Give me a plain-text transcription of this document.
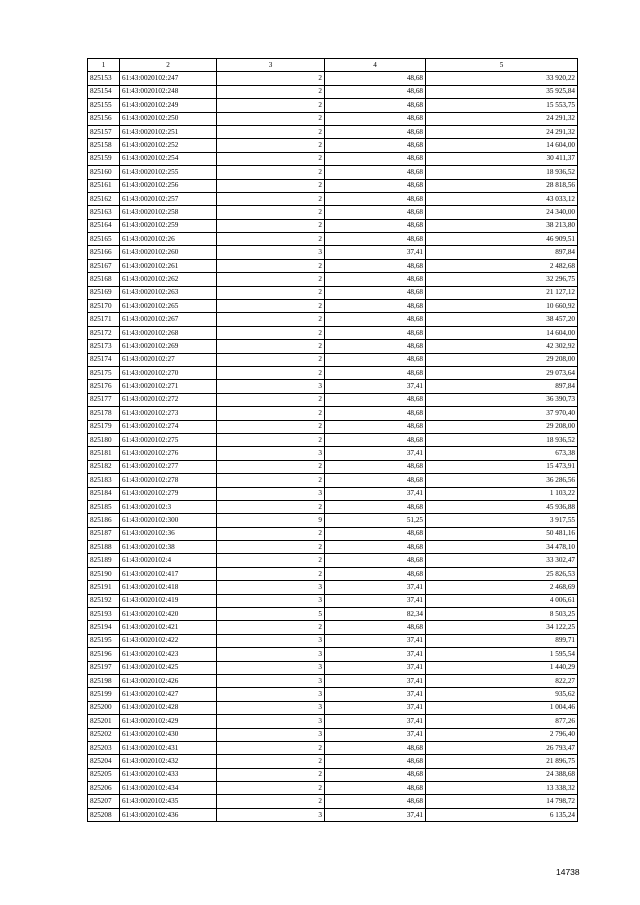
1	2	3	4	5
825153	61:43:0020102:247	2	48,68	33 920,22
825154	61:43:0020102:248	2	48,68	35 925,84
825155	61:43:0020102:249	2	48,68	15 553,75
825156	61:43:0020102:250	2	48,68	24 291,32
825157	61:43:0020102:251	2	48,68	24 291,32
825158	61:43:0020102:252	2	48,68	14 604,00
825159	61:43:0020102:254	2	48,68	30 411,37
825160	61:43:0020102:255	2	48,68	18 936,52
825161	61:43:0020102:256	2	48,68	28 818,56
825162	61:43:0020102:257	2	48,68	43 033,12
825163	61:43:0020102:258	2	48,68	24 340,00
825164	61:43:0020102:259	2	48,68	38 213,80
825165	61:43:0020102:26	2	48,68	46 909,51
825166	61:43:0020102:260	3	37,41	897,84
825167	61:43:0020102:261	2	48,68	2 482,68
825168	61:43:0020102:262	2	48,68	32 296,75
825169	61:43:0020102:263	2	48,68	21 127,12
825170	61:43:0020102:265	2	48,68	10 660,92
825171	61:43:0020102:267	2	48,68	38 457,20
825172	61:43:0020102:268	2	48,68	14 604,00
825173	61:43:0020102:269	2	48,68	42 302,92
825174	61:43:0020102:27	2	48,68	29 208,00
825175	61:43:0020102:270	2	48,68	29 073,64
825176	61:43:0020102:271	3	37,41	897,84
825177	61:43:0020102:272	2	48,68	36 390,73
825178	61:43:0020102:273	2	48,68	37 970,40
825179	61:43:0020102:274	2	48,68	29 208,00
825180	61:43:0020102:275	2	48,68	18 936,52
825181	61:43:0020102:276	3	37,41	673,38
825182	61:43:0020102:277	2	48,68	15 473,91
825183	61:43:0020102:278	2	48,68	36 286,56
825184	61:43:0020102:279	3	37,41	1 103,22
825185	61:43:0020102:3	2	48,68	45 936,88
825186	61:43:0020102:300	9	51,25	3 917,55
825187	61:43:0020102:36	2	48,68	50 481,16
825188	61:43:0020102:38	2	48,68	34 478,10
825189	61:43:0020102:4	2	48,68	33 302,47
825190	61:43:0020102:417	2	48,68	25 826,53
825191	61:43:0020102:418	3	37,41	2 468,69
825192	61:43:0020102:419	3	37,41	4 006,61
825193	61:43:0020102:420	5	82,34	8 503,25
825194	61:43:0020102:421	2	48,68	34 122,25
825195	61:43:0020102:422	3	37,41	899,71
825196	61:43:0020102:423	3	37,41	1 595,54
825197	61:43:0020102:425	3	37,41	1 440,29
825198	61:43:0020102:426	3	37,41	822,27
825199	61:43:0020102:427	3	37,41	935,62
825200	61:43:0020102:428	3	37,41	1 004,46
825201	61:43:0020102:429	3	37,41	877,26
825202	61:43:0020102:430	3	37,41	2 796,40
825203	61:43:0020102:431	2	48,68	26 793,47
825204	61:43:0020102:432	2	48,68	21 896,75
825205	61:43:0020102:433	2	48,68	24 388,68
825206	61:43:0020102:434	2	48,68	13 338,32
825207	61:43:0020102:435	2	48,68	14 798,72
825208	61:43:0020102:436	3	37,41	6 135,24
14738
